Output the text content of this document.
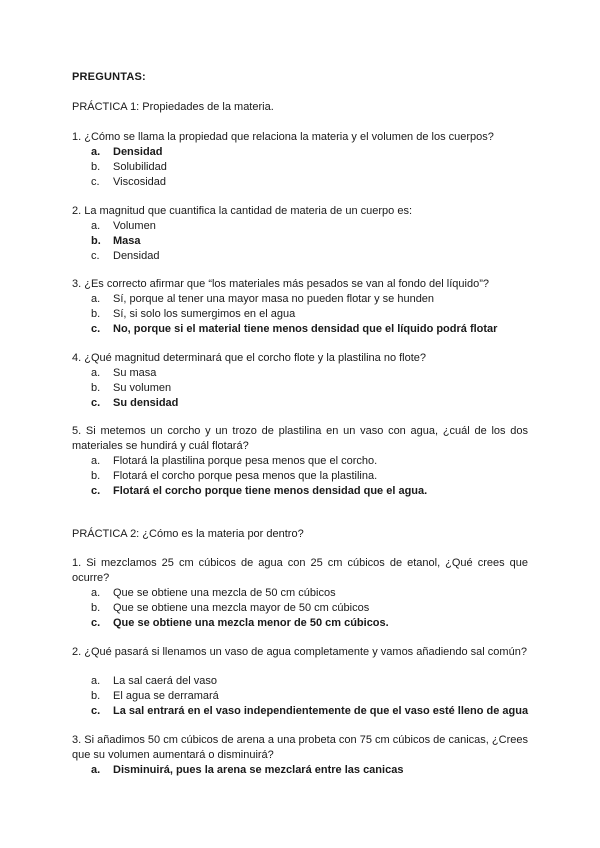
PREGUNTAS:
PRÁCTICA 1: Propiedades de la materia.
1. ¿Cómo se llama la propiedad que relaciona la materia y el volumen de los cuerpos?
a.	Densidad
b.	Solubilidad
c.	Viscosidad
2. La magnitud que cuantifica la cantidad de materia de un cuerpo es:
a.	Volumen
b.	Masa
c.	Densidad
3. ¿Es correcto afirmar que “los materiales más pesados se van al fondo del líquido”?
a.	Sí, porque al tener una mayor masa no pueden flotar y se hunden
b.	Sí, si solo los sumergimos en el agua
c.	No, porque si el material tiene menos densidad que el líquido podrá flotar
4. ¿Qué magnitud determinará que el corcho flote y la plastilina no flote?
a.	Su masa
b.	Su volumen
c.	Su densidad
5. Si metemos un corcho y un trozo de plastilina en un vaso con agua, ¿cuál de los dos materiales se hundirá y cuál flotará?
a.	Flotará la plastilina porque pesa menos que el corcho.
b.	Flotará el corcho porque pesa menos que la plastilina.
c.	Flotará el corcho porque tiene menos densidad que el agua.
PRÁCTICA 2: ¿Cómo es la materia por dentro?
1. Si mezclamos 25 cm cúbicos de agua con 25 cm cúbicos de etanol, ¿Qué crees que ocurre?
a.	Que se obtiene una mezcla de 50 cm cúbicos
b.	Que se obtiene una mezcla mayor de 50 cm cúbicos
c.	Que se obtiene una mezcla menor de 50 cm cúbicos.
2. ¿Qué pasará si llenamos un vaso de agua completamente y vamos añadiendo sal común?
a.	La sal caerá del vaso
b.	El agua se derramará
c.	La sal entrará en el vaso independientemente de que el vaso esté lleno de agua
3. Si añadimos 50 cm cúbicos de arena a una probeta con 75 cm cúbicos de canicas, ¿Crees que su volumen aumentará o disminuirá?
a.	Disminuirá, pues la arena se mezclará entre las canicas
